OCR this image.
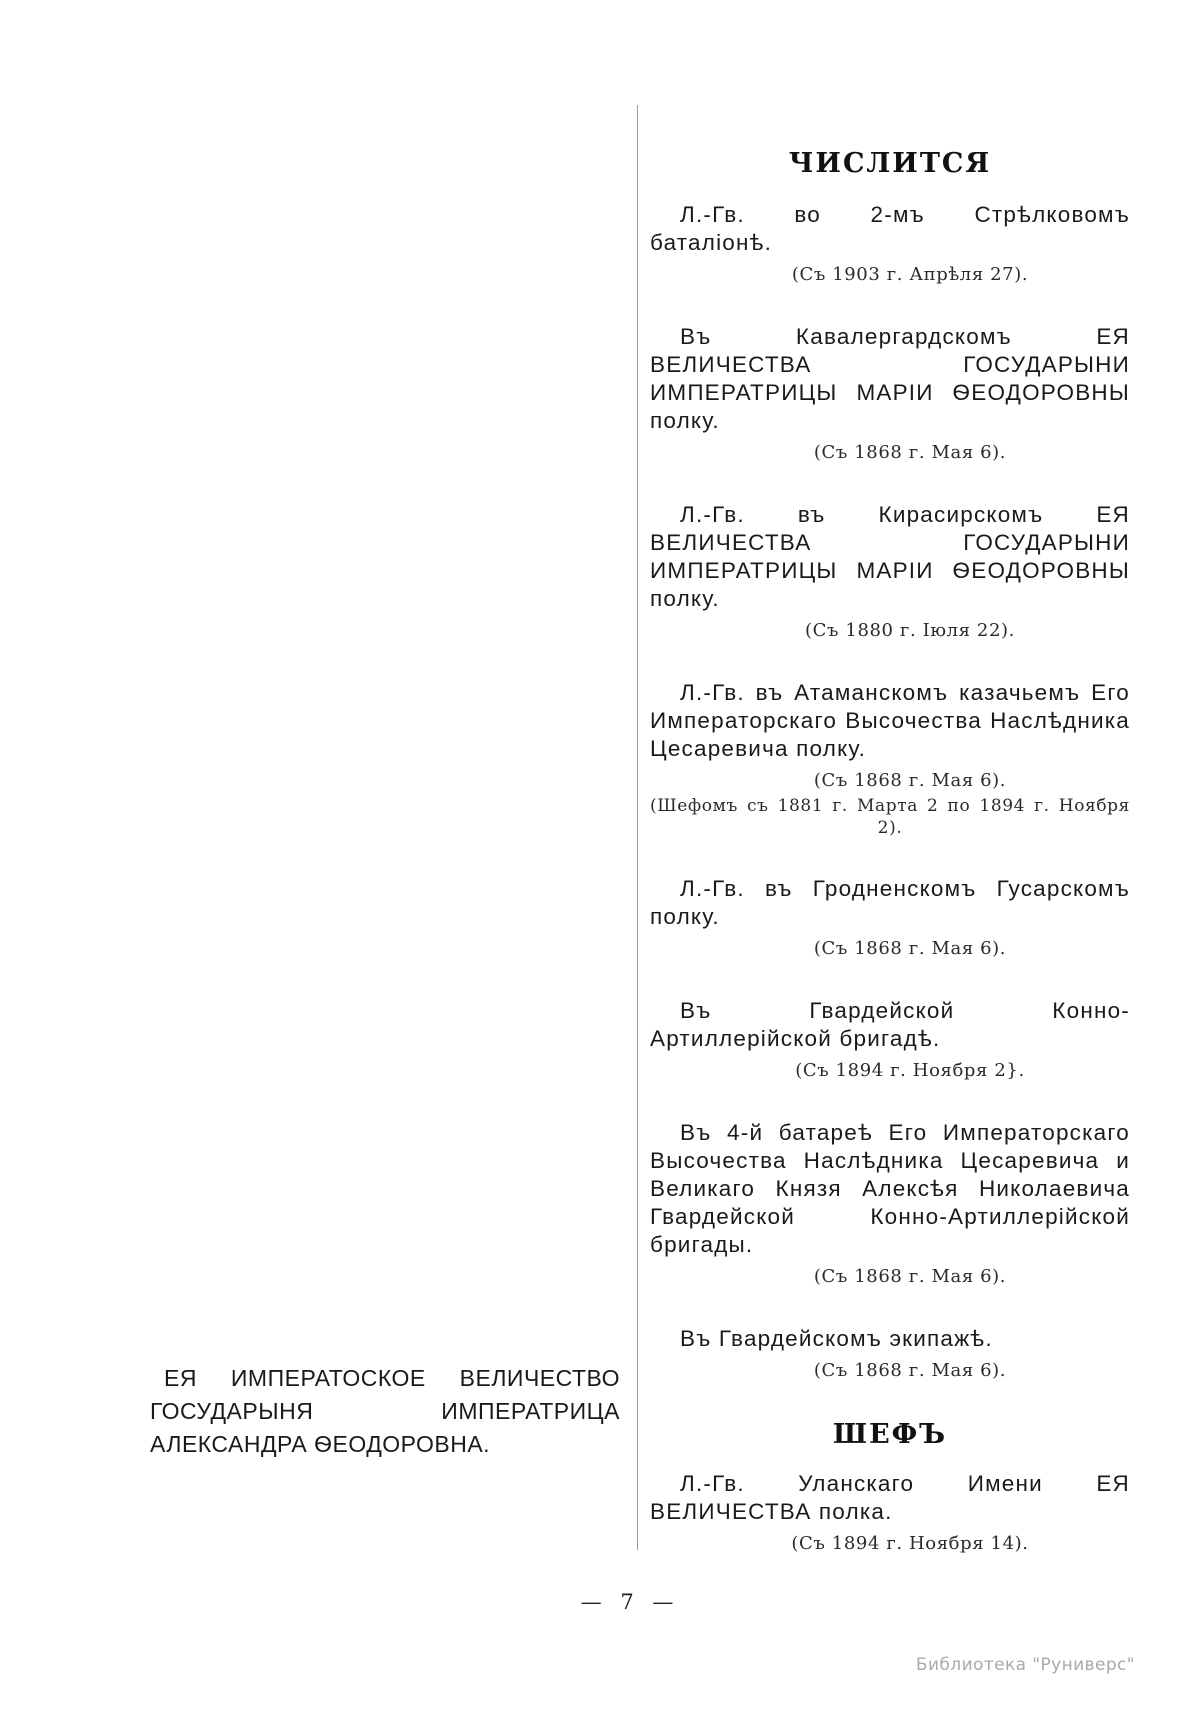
ЧИСЛИТСЯ

Л.-Гв. во 2-мъ Стрѣлковомъ баталіонѣ.

(Съ 1903 г. Апрѣля 27).

Въ Кавалергардскомъ ЕЯ ВЕЛИЧЕСТВА ГОСУДАРЫНИ ИМПЕРАТРИЦЫ МАРІИ ѲЕОДОРОВНЫ полку.

(Съ 1868 г. Мая 6).

Л.-Гв. въ Кирасирскомъ ЕЯ ВЕЛИЧЕСТВА ГОСУДАРЫНИ ИМПЕРАТРИЦЫ МАРІИ ѲЕОДОРОВНЫ полку.

(Съ 1880 г. Іюля 22).

Л.-Гв. въ Атаманскомъ казачьемъ Его Императорскаго Высочества Наслѣдника Цесаревича полку.

(Съ 1868 г. Мая 6).
(Шефомъ съ 1881 г. Марта 2 по 1894 г. Ноября 2).

Л.-Гв. въ Гродненскомъ Гусарскомъ полку.

(Съ 1868 г. Мая 6).

Въ Гвардейской Конно-Артиллерійской бригадѣ.

(Съ 1894 г. Ноября 2}.

Въ 4-й батареѣ Его Императорскаго Высочества Наслѣдника Цесаревича и Великаго Князя Алексѣя Николаевича Гвардейской Конно-Артиллерійской бригады.

(Съ 1868 г. Мая 6).

Въ Гвардейскомъ экипажѣ.

(Съ 1868 г. Мая 6).
ШЕФЪ

Л.-Гв. Уланскаго Имени ЕЯ ВЕЛИЧЕСТВА полка.

(Съ 1894 г. Ноября 14).
ЕЯ ИМПЕРАТОСКОЕ ВЕЛИЧЕСТВО ГОСУДАРЫНЯ ИМПЕРАТРИЦА АЛЕКСАНДРА ѲЕОДОРОВНА.
— 7 —
Библиотека "Руниверс"
